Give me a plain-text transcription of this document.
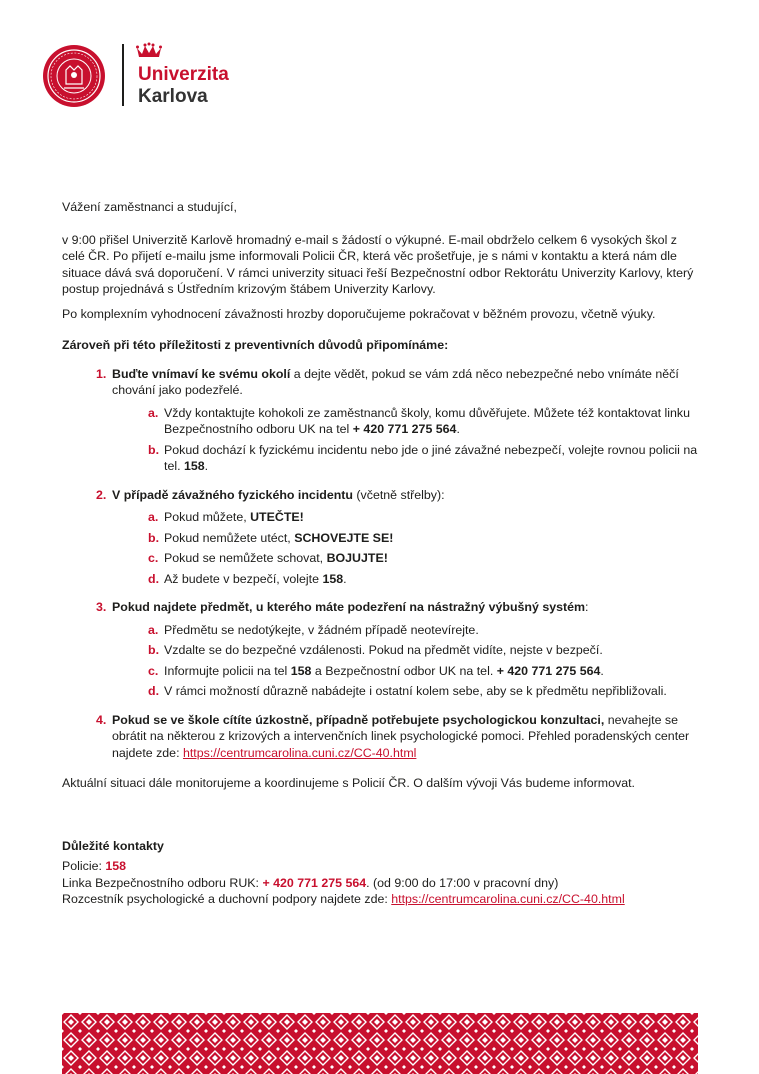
Univerzita
Karlova

Vážení zaměstnanci a studující,

v 9:00 přišel Univerzitě Karlově hromadný e-mail s žádostí o výkupné. E-mail obdrželo celkem 6 vysokých škol z celé ČR. Po přijetí e-mailu jsme informovali Policii ČR, která věc prošetřuje, je s námi v kontaktu a která nám dle situace dává svá doporučení. V rámci univerzity situaci řeší Bezpečnostní odbor Rektorátu Univerzity Karlovy, který postup projednává s Ústředním krizovým štábem Univerzity Karlovy.

Po komplexním vyhodnocení závažnosti hrozby doporučujeme pokračovat v běžném provozu, včetně výuky.

Zároveň při této příležitosti z preventivních důvodů připomínáme:

1. Buďte vnímaví ke svému okolí a dejte vědět, pokud se vám zdá něco nebezpečné nebo vnímáte něčí chování jako podezřelé.
a. Vždy kontaktujte kohokoli ze zaměstnanců školy, komu důvěřujete. Můžete též kontaktovat linku Bezpečnostního odboru UK na tel + 420 771 275 564.
b. Pokud dochází k fyzickému incidentu nebo jde o jiné závažné nebezpečí, volejte rovnou policii na tel. 158.
2. V případě závažného fyzického incidentu (včetně střelby):
a. Pokud můžete, UTEČTE!
b. Pokud nemůžete utéct, SCHOVEJTE SE!
c. Pokud se nemůžete schovat, BOJUJTE!
d. Až budete v bezpečí, volejte 158.
3. Pokud najdete předmět, u kterého máte podezření na nástražný výbušný systém:
a. Předmětu se nedotýkejte, v žádném případě neotevírejte.
b. Vzdalte se do bezpečné vzdálenosti. Pokud na předmět vidíte, nejste v bezpečí.
c. Informujte policii na tel 158 a Bezpečnostní odbor UK na tel. + 420 771 275 564.
d. V rámci možností důrazně nabádejte i ostatní kolem sebe, aby se k předmětu nepřibližovali.
4. Pokud se ve škole cítíte úzkostně, případně potřebujete psychologickou konzultaci, nevahejte se obrátit na některou z krizových a intervenčních linek psychologické pomoci. Přehled poradenských center najdete zde: https://centrumcarolina.cuni.cz/CC-40.html

Aktuální situaci dále monitorujeme a koordinujeme s Policií ČR. O dalším vývoji Vás budeme informovat.

Důležité kontakty

Policie: 158

Linka Bezpečnostního odboru RUK: + 420 771 275 564. (od 9:00 do 17:00 v pracovní dny)

Rozcestník psychologické a duchovní podpory najdete zde: https://centrumcarolina.cuni.cz/CC-40.html
